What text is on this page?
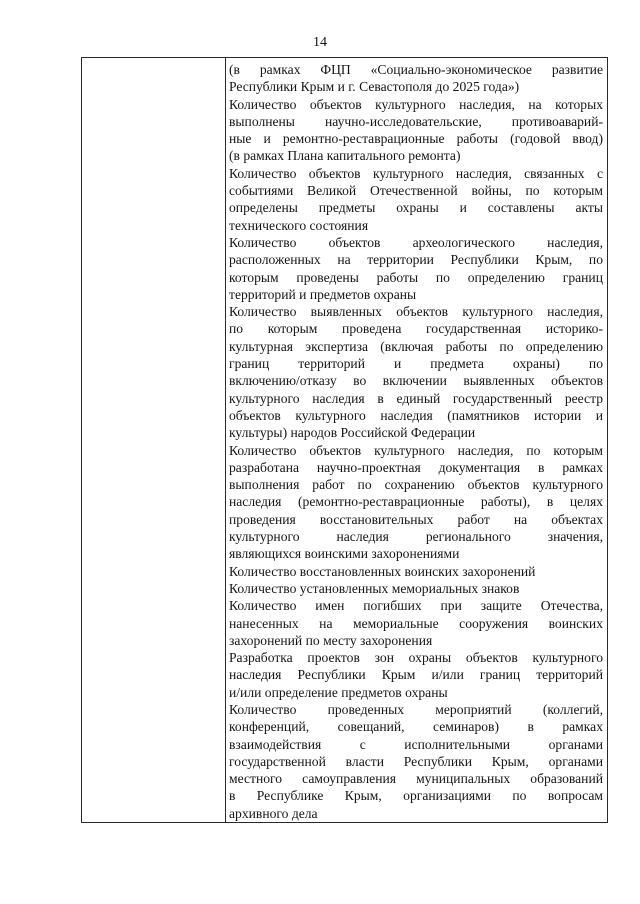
14
(в рамках ФЦП «Социально-экономическое развитие
Республики Крым и г. Севастополя до 2025 года»)
Количество объектов культурного наследия, на которых
выполнены научно-исследовательские, противоаварий-
ные и ремонтно-реставрационные работы (годовой ввод)
(в рамках Плана капитального ремонта)
Количество объектов культурного наследия, связанных с
событиями Великой Отечественной войны, по которым
определены предметы охраны и составлены акты
технического состояния
Количество объектов археологического наследия,
расположенных на территории Республики Крым, по
которым проведены работы по определению границ
территорий и предметов охраны
Количество выявленных объектов культурного наследия,
по которым проведена государственная историко-
культурная экспертиза (включая работы по определению
границ территорий и предмета охраны) по
включению/отказу во включении выявленных объектов
культурного наследия в единый государственный реестр
объектов культурного наследия (памятников истории и
культуры) народов Российской Федерации
Количество объектов культурного наследия, по которым
разработана научно-проектная документация в рамках
выполнения работ по сохранению объектов культурного
наследия (ремонтно-реставрационные работы), в целях
проведения восстановительных работ на объектах
культурного наследия регионального значения,
являющихся воинскими захоронениями
Количество восстановленных воинских захоронений
Количество установленных мемориальных знаков
Количество имен погибших при защите Отечества,
нанесенных на мемориальные сооружения воинских
захоронений по месту захоронения
Разработка проектов зон охраны объектов культурного
наследия Республики Крым и/или границ территорий
и/или определение предметов охраны
Количество проведенных мероприятий (коллегий,
конференций, совещаний, семинаров) в рамках
взаимодействия с исполнительными органами
государственной власти Республики Крым, органами
местного самоуправления муниципальных образований
в Республике Крым, организациями по вопросам
архивного дела
